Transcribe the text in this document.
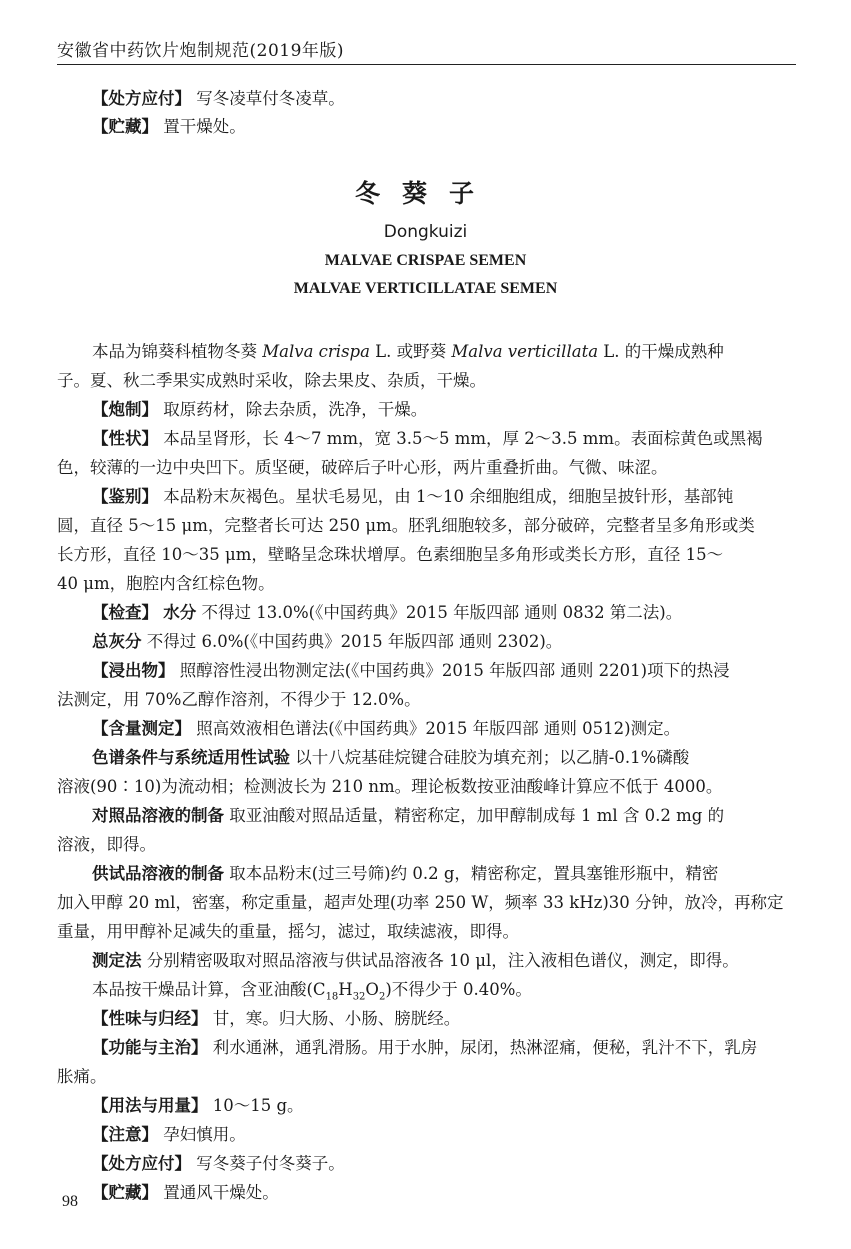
安徽省中药饮片炮制规范(2019年版)
【处方应付】 写冬凌草付冬凌草。
【贮藏】 置干燥处。
冬葵子
Dongkuizi
MALVAE CRISPAE SEMEN
MALVAE VERTICILLATAE SEMEN
本品为锦葵科植物冬葵 Malva crispa L. 或野葵 Malva verticillata L. 的干燥成熟种
子。夏、秋二季果实成熟时采收，除去果皮、杂质，干燥。
【炮制】 取原药材，除去杂质，洗净，干燥。
【性状】 本品呈肾形，长 4～7 mm，宽 3.5～5 mm，厚 2～3.5 mm。表面棕黄色或黑褐
色，较薄的一边中央凹下。质坚硬，破碎后子叶心形，两片重叠折曲。气微、味涩。
【鉴别】 本品粉末灰褐色。星状毛易见，由 1～10 余细胞组成，细胞呈披针形，基部钝
圆，直径 5～15 μm，完整者长可达 250 μm。胚乳细胞较多，部分破碎，完整者呈多角形或类
长方形，直径 10～35 μm，壁略呈念珠状增厚。色素细胞呈多角形或类长方形，直径 15～
40 μm，胞腔内含红棕色物。
【检查】 水分 不得过 13.0%(《中国药典》2015 年版四部 通则 0832 第二法)。
总灰分 不得过 6.0%(《中国药典》2015 年版四部 通则 2302)。
【浸出物】 照醇溶性浸出物测定法(《中国药典》2015 年版四部 通则 2201)项下的热浸
法测定，用 70%乙醇作溶剂，不得少于 12.0%。
【含量测定】 照高效液相色谱法(《中国药典》2015 年版四部 通则 0512)测定。
色谱条件与系统适用性试验 以十八烷基硅烷键合硅胶为填充剂；以乙腈-0.1%磷酸
溶液(90∶10)为流动相；检测波长为 210 nm。理论板数按亚油酸峰计算应不低于 4000。
对照品溶液的制备 取亚油酸对照品适量，精密称定，加甲醇制成每 1 ml 含 0.2 mg 的
溶液，即得。
供试品溶液的制备 取本品粉末(过三号筛)约 0.2 g，精密称定，置具塞锥形瓶中，精密
加入甲醇 20 ml，密塞，称定重量，超声处理(功率 250 W，频率 33 kHz)30 分钟，放冷，再称定
重量，用甲醇补足减失的重量，摇匀，滤过，取续滤液，即得。
测定法 分别精密吸取对照品溶液与供试品溶液各 10 μl，注入液相色谱仪，测定，即得。
本品按干燥品计算，含亚油酸$(C_{18}H_{32}O_2)$不得少于 0.40%。
【性味与归经】 甘，寒。归大肠、小肠、膀胱经。
【功能与主治】 利水通淋，通乳滑肠。用于水肿，尿闭，热淋涩痛，便秘，乳汁不下，乳房
胀痛。
【用法与用量】 10～15 g。
【注意】 孕妇慎用。
【处方应付】 写冬葵子付冬葵子。
【贮藏】 置通风干燥处。
98
